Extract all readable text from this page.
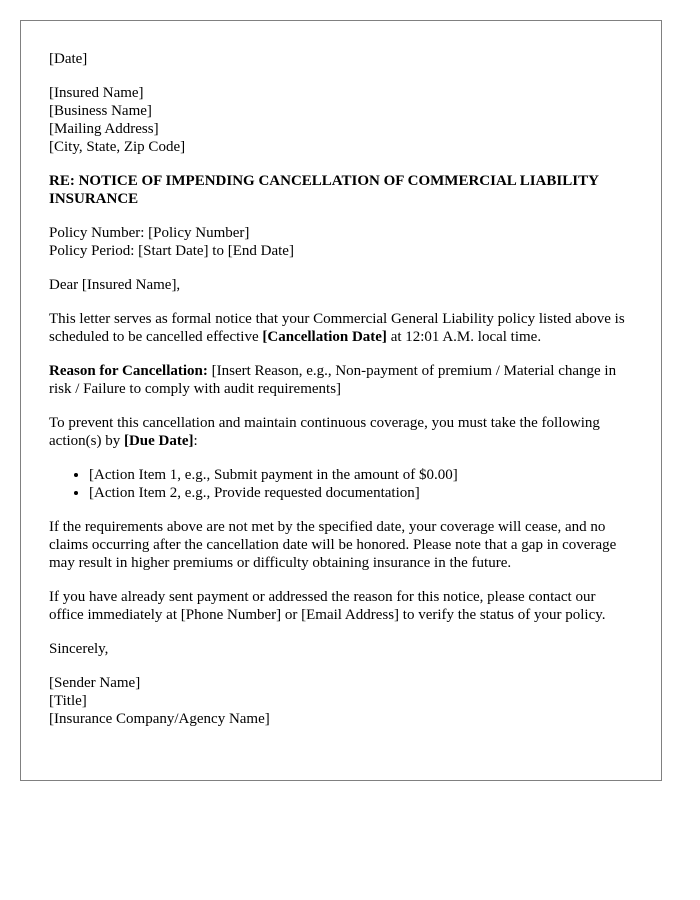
[Date]

[Insured Name]
[Business Name]
[Mailing Address]
[City, State, Zip Code]

RE: NOTICE OF IMPENDING CANCELLATION OF COMMERCIAL LIABILITY INSURANCE

Policy Number: [Policy Number]
Policy Period: [Start Date] to [End Date]

Dear [Insured Name],

This letter serves as formal notice that your Commercial General Liability policy listed above is scheduled to be cancelled effective [Cancellation Date] at 12:01 A.M. local time.

Reason for Cancellation: [Insert Reason, e.g., Non-payment of premium / Material change in risk / Failure to comply with audit requirements]

To prevent this cancellation and maintain continuous coverage, you must take the following action(s) by [Due Date]:

• [Action Item 1, e.g., Submit payment in the amount of $0.00]
• [Action Item 2, e.g., Provide requested documentation]

If the requirements above are not met by the specified date, your coverage will cease, and no claims occurring after the cancellation date will be honored. Please note that a gap in coverage may result in higher premiums or difficulty obtaining insurance in the future.

If you have already sent payment or addressed the reason for this notice, please contact our office immediately at [Phone Number] or [Email Address] to verify the status of your policy.

Sincerely,

[Sender Name]
[Title]
[Insurance Company/Agency Name]
